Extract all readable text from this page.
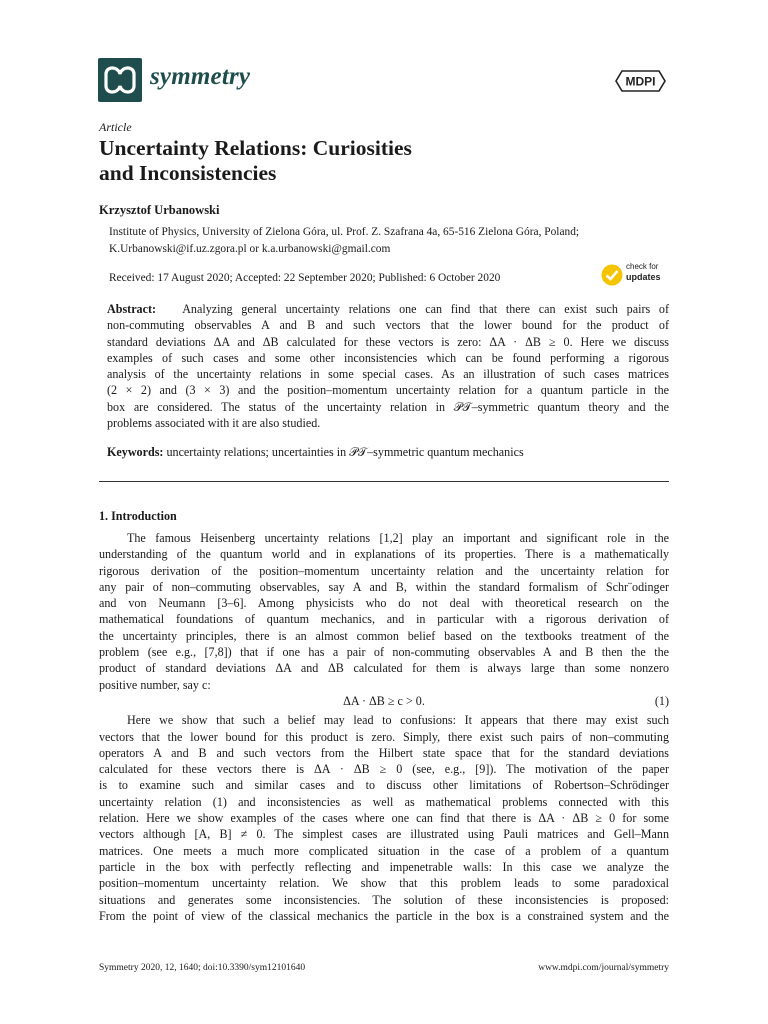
symmetry	MDPI
Article
Uncertainty Relations: Curiosities
and Inconsistencies
Krzysztof Urbanowski
Institute of Physics, University of Zielona Góra, ul. Prof. Z. Szafrana 4a, 65-516 Zielona Góra, Poland;
K.Urbanowski@if.uz.zgora.pl or k.a.urbanowski@gmail.com
Received: 17 August 2020; Accepted: 22 September 2020; Published: 6 October 2020
check for
updates
Abstract: Analyzing general uncertainty relations one can find that there can exist such pairs of
non-commuting observables A and B and such vectors that the lower bound for the product of
standard deviations ΔA and ΔB calculated for these vectors is zero: ΔA · ΔB ≥ 0. Here we discuss
examples of such cases and some other inconsistencies which can be found performing a rigorous
analysis of the uncertainty relations in some special cases. As an illustration of such cases matrices
(2 × 2) and (3 × 3) and the position–momentum uncertainty relation for a quantum particle in the
box are considered. The status of the uncertainty relation in 𝒫𝒯–symmetric quantum theory and the
problems associated with it are also studied.
Keywords: uncertainty relations; uncertainties in 𝒫𝒯–symmetric quantum mechanics
1. Introduction
The famous Heisenberg uncertainty relations [1,2] play an important and significant role in the
understanding of the quantum world and in explanations of its properties. There is a mathematically
rigorous derivation of the position–momentum uncertainty relation and the uncertainty relation for
any pair of non–commuting observables, say A and B, within the standard formalism of Schr¨odinger
and von Neumann [3–6]. Among physicists who do not deal with theoretical research on the
mathematical foundations of quantum mechanics, and in particular with a rigorous derivation of
the uncertainty principles, there is an almost common belief based on the textbooks treatment of the
problem (see e.g., [7,8]) that if one has a pair of non-commuting observables A and B then the the
product of standard deviations ΔA and ΔB calculated for them is always large than some nonzero
positive number, say c:
ΔA · ΔB ≥ c > 0.	(1)
Here we show that such a belief may lead to confusions: It appears that there may exist such
vectors that the lower bound for this product is zero. Simply, there exist such pairs of non–commuting
operators A and B and such vectors from the Hilbert state space that for the standard deviations
calculated for these vectors there is ΔA · ΔB ≥ 0 (see, e.g., [9]). The motivation of the paper
is to examine such and similar cases and to discuss other limitations of Robertson–Schrödinger
uncertainty relation (1) and inconsistencies as well as mathematical problems connected with this
relation. Here we show examples of the cases where one can find that there is ΔA · ΔB ≥ 0 for some
vectors although [A, B] ≠ 0. The simplest cases are illustrated using Pauli matrices and Gell–Mann
matrices. One meets a much more complicated situation in the case of a problem of a quantum
particle in the box with perfectly reflecting and impenetrable walls: In this case we analyze the
position–momentum uncertainty relation. We show that this problem leads to some paradoxical
situations and generates some inconsistencies. The solution of these inconsistencies is proposed:
From the point of view of the classical mechanics the particle in the box is a constrained system and the
Symmetry 2020, 12, 1640; doi:10.3390/sym12101640	www.mdpi.com/journal/symmetry
